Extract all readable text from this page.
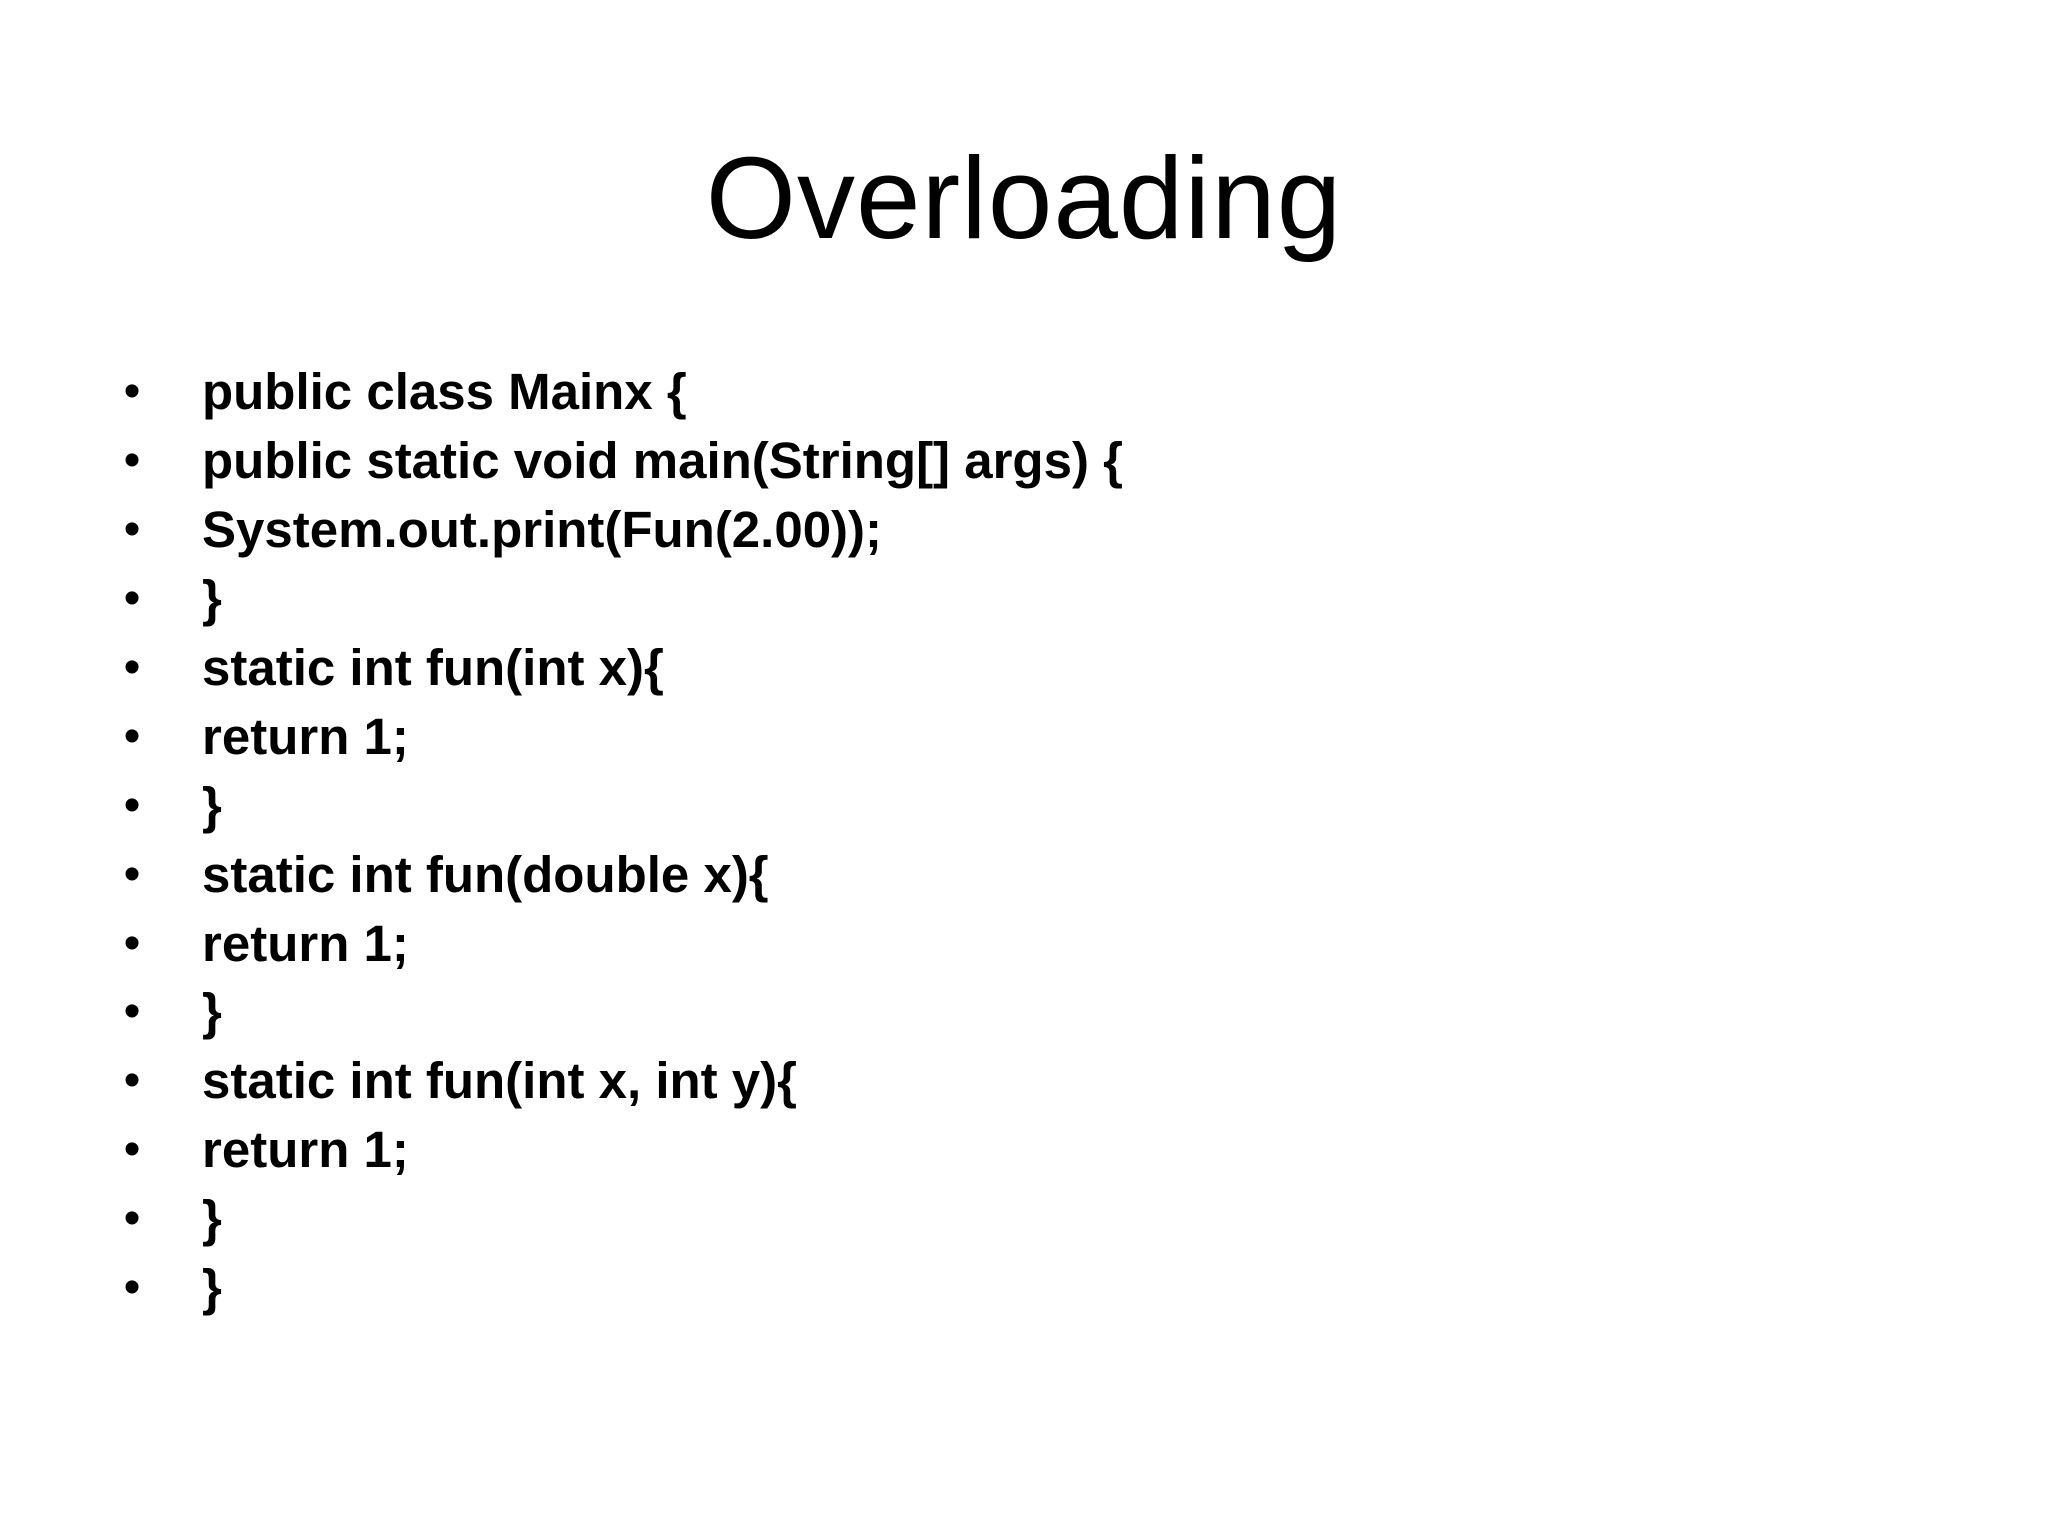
Overloading
• public class Mainx {
• public static void main(String[] args) {
• System.out.print(Fun(2.00));
• }
• static int fun(int x){
• return 1;
• }
• static int fun(double x){
• return 1;
• }
• static int fun(int x, int y){
• return 1;
• }
• }
